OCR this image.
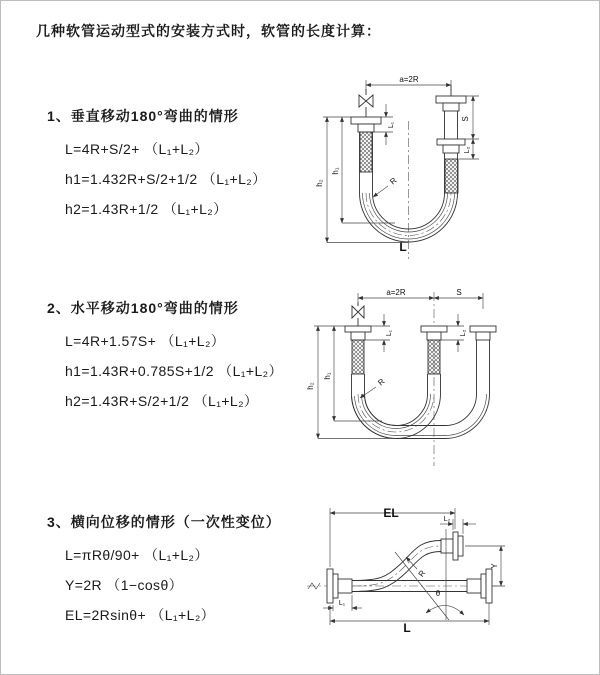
几种软管运动型式的安装方式时，软管的长度计算：
1、垂直移动180°弯曲的情形
L=4R+S/2+ （L₁+L₂）
h1=1.432R+S/2+1/2 （L₁+L₂）
h2=1.43R+1/2 （L₁+L₂）
2、水平移动180°弯曲的情形
L=4R+1.57S+ （L₁+L₂）
h1=1.43R+0.785S+1/2 （L₁+L₂）
h2=1.43R+S/2+1/2 （L₁+L₂）
3、横向位移的情形（一次性变位）
L=πRθ/90+ （L₁+L₂）
Y=2R （1−cosθ）
EL=2Rsinθ+ （L₁+L₂）
a=2R
S
L₂
h₁
h₂
L₁
R
L
a=2R	S
L₁	L₂
h₁
h₂	R
EL	L₂
θ
R
Y
L₁
L
